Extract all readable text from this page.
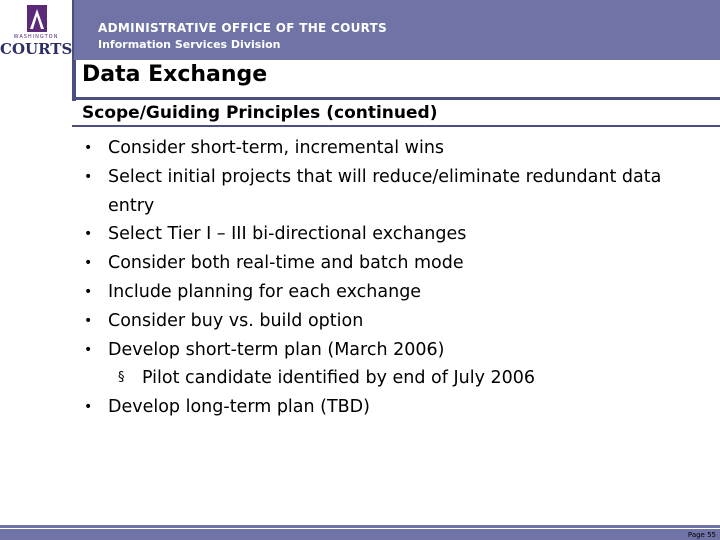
WASHINGTON
COURTS
ADMINISTRATIVE OFFICE OF THE COURTS
Information Services Division
Data Exchange
Scope/Guiding Principles (continued)
• Consider short-term, incremental wins
• Select initial projects that will reduce/eliminate redundant data entry
• Select Tier I – III bi-directional exchanges
• Consider both real-time and batch mode
• Include planning for each exchange
• Consider buy vs. build option
• Develop short-term plan (March 2006)
§ Pilot candidate identified by end of July 2006
• Develop long-term plan (TBD)
Page 55
